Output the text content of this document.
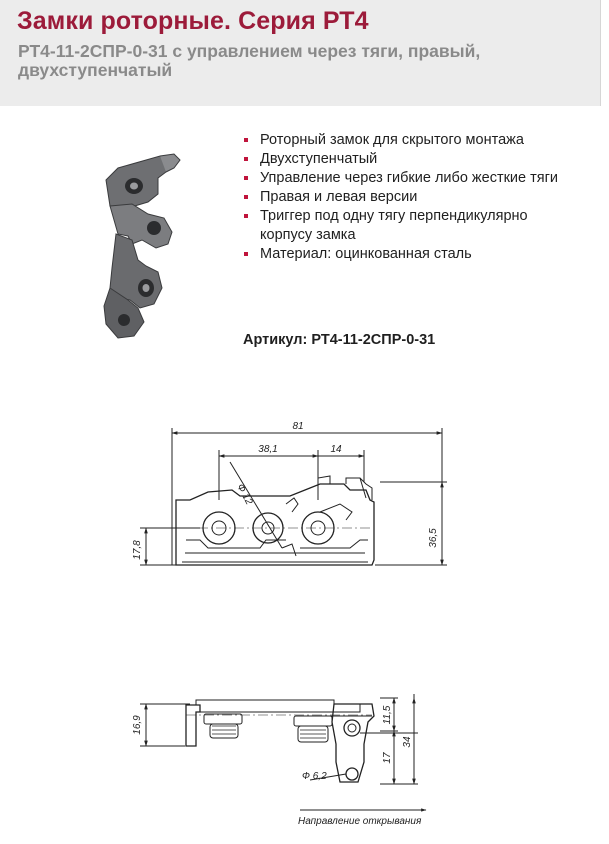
Замки роторные. Серия РТ4

РТ4-11-2СПР-0-31 с управлением через тяги, правый, двухступенчатый

Роторный замок для скрытого монтажа
Двухступенчатый
Управление через гибкие либо жесткие тяги
Правая и левая версии
Триггер под одну тягу перпендикулярно корпусу замка
Материал: оцинкованная сталь

Артикул: РТ4-11-2СПР-0-31

81
38,1	14
Ф 12
36,5
17,8
16,9
11,5
17
34
Ф 6,2
Направление открывания
